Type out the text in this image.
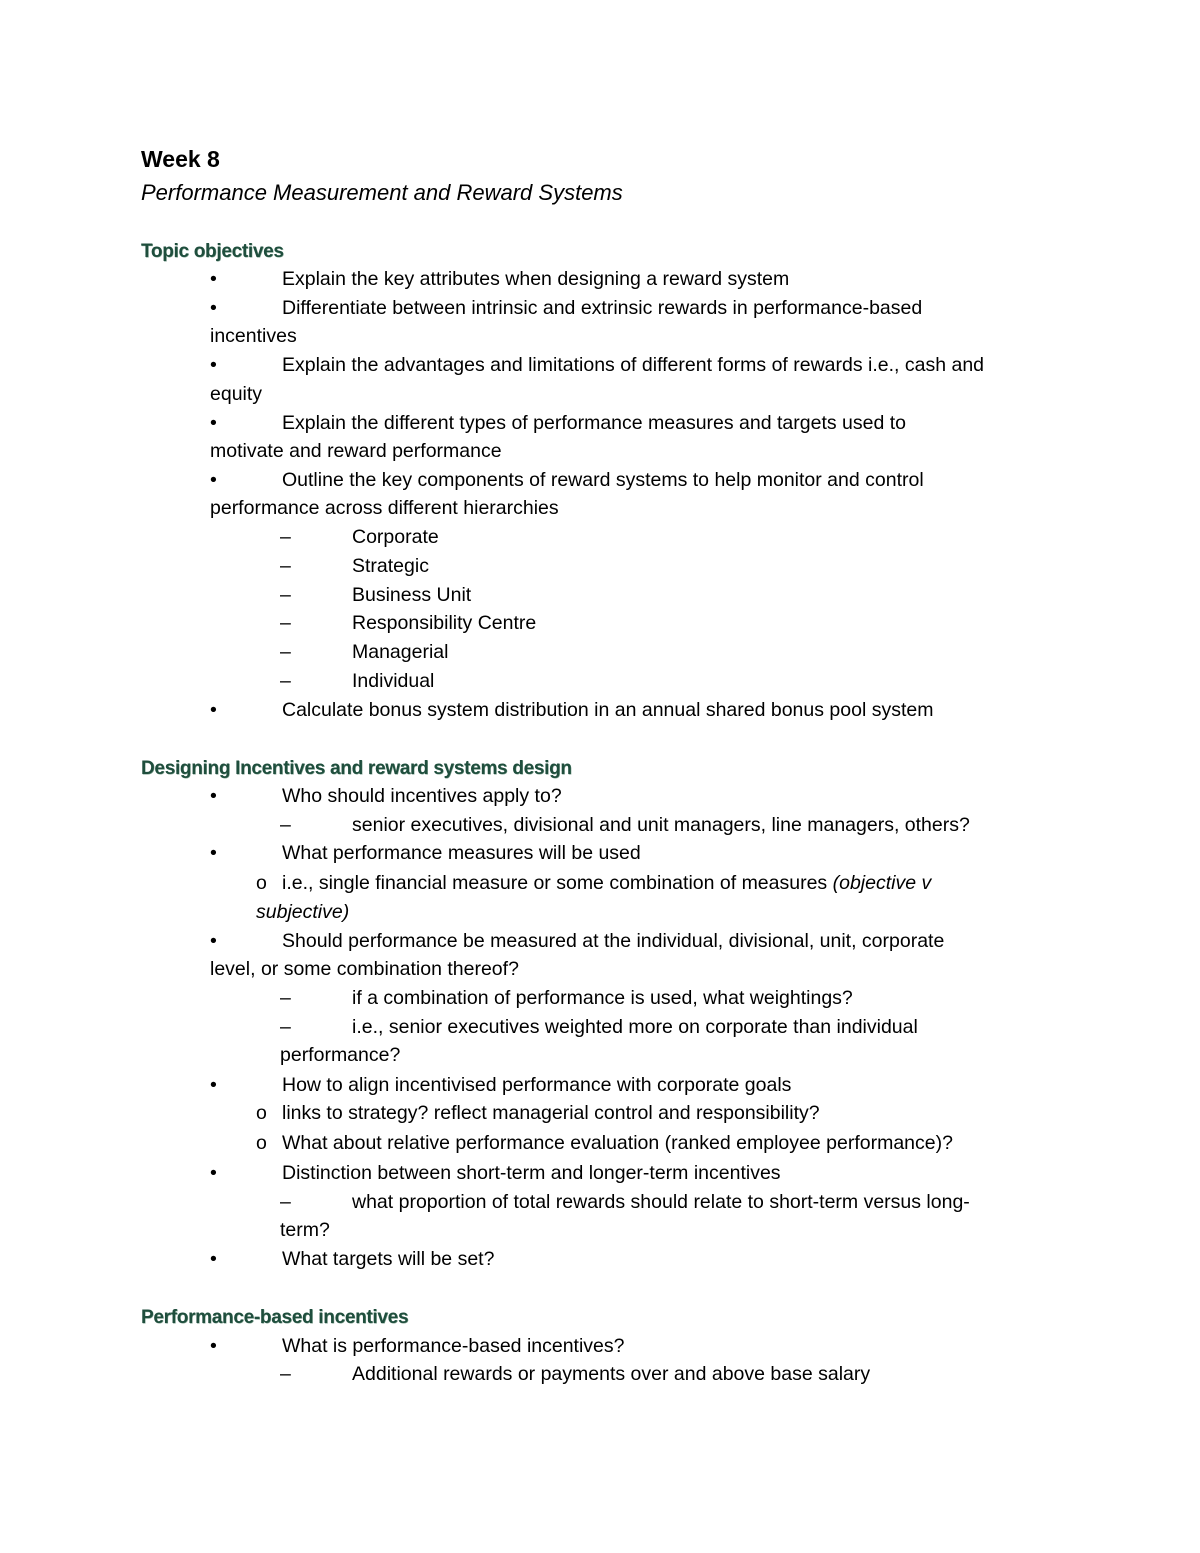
Week 8
Performance Measurement and Reward Systems
Topic objectives
•	Explain the key attributes when designing a reward system
•	Differentiate between intrinsic and extrinsic rewards in performance-based
incentives
•	Explain the advantages and limitations of different forms of rewards i.e., cash and
equity
•	Explain the different types of performance measures and targets used to
motivate and reward performance
•	Outline the key components of reward systems to help monitor and control
performance across different hierarchies
–	Corporate
–	Strategic
–	Business Unit
–	Responsibility Centre
–	Managerial
–	Individual
•	Calculate bonus system distribution in an annual shared bonus pool system
Designing Incentives and reward systems design
•	Who should incentives apply to?
–	senior executives, divisional and unit managers, line managers, others?
•	What performance measures will be used
o i.e., single financial measure or some combination of measures (objective v
subjective)
•	Should performance be measured at the individual, divisional, unit, corporate
level, or some combination thereof?
–	if a combination of performance is used, what weightings?
–	i.e., senior executives weighted more on corporate than individual
performance?
•	How to align incentivised performance with corporate goals
o links to strategy? reflect managerial control and responsibility?
o What about relative performance evaluation (ranked employee performance)?
•	Distinction between short-term and longer-term incentives
–	what proportion of total rewards should relate to short-term versus long-
term?
•	What targets will be set?
Performance-based incentives
•	What is performance-based incentives?
–	Additional rewards or payments over and above base salary
